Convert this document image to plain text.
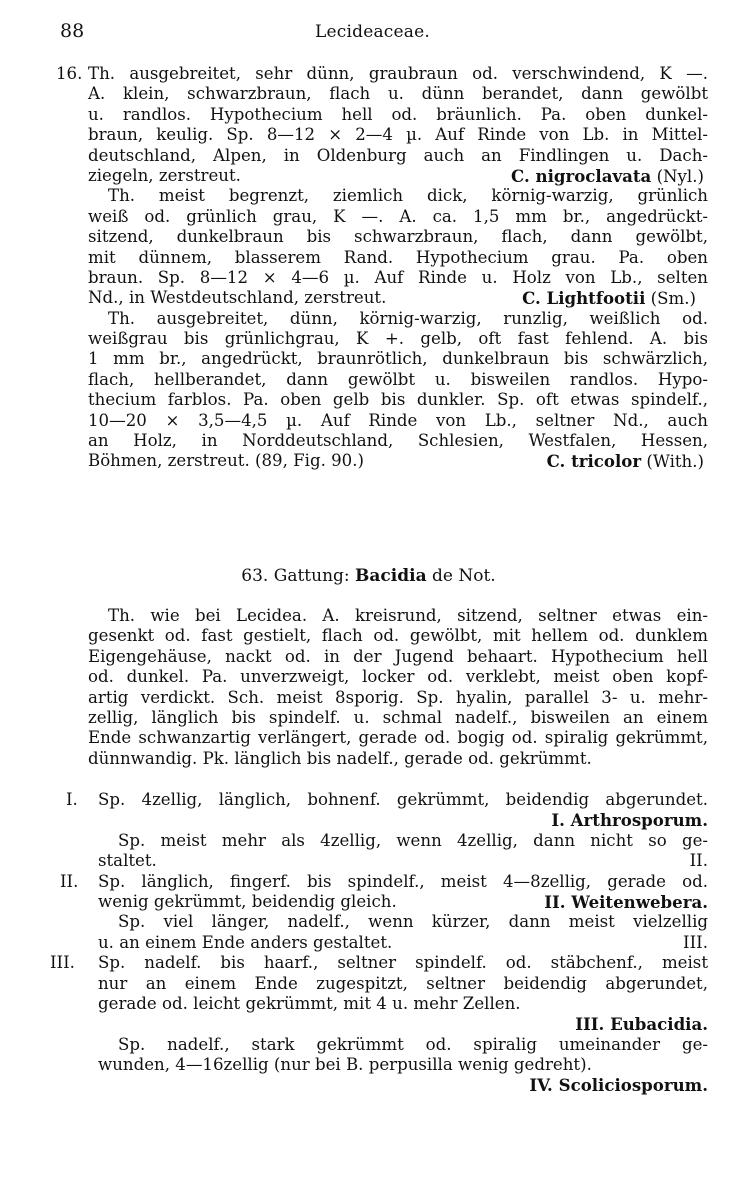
88	Lecideaceae.
16. Th. ausgebreitet, sehr dünn, graubraun od. verschwindend, K —.
A. klein, schwarzbraun, flach u. dünn berandet, dann gewölbt
u. randlos. Hypothecium hell od. bräunlich. Pa. oben dunkel-
braun, keulig. Sp. 8—12 × 2—4 µ. Auf Rinde von Lb. in Mittel-
deutschland, Alpen, in Oldenburg auch an Findlingen u. Dach-
ziegeln, zerstreut.	C. nigroclavata (Nyl.)
Th. meist begrenzt, ziemlich dick, körnig-warzig, grünlich
weiß od. grünlich grau, K —. A. ca. 1,5 mm br., angedrückt-
sitzend, dunkelbraun bis schwarzbraun, flach, dann gewölbt,
mit dünnem, blasserem Rand. Hypothecium grau. Pa. oben
braun. Sp. 8—12 × 4—6 µ. Auf Rinde u. Holz von Lb., selten
Nd., in Westdeutschland, zerstreut.	C. Lightfootii (Sm.)
Th. ausgebreitet, dünn, körnig-warzig, runzlig, weißlich od.
weißgrau bis grünlichgrau, K +. gelb, oft fast fehlend. A. bis
1 mm br., angedrückt, braunrötlich, dunkelbraun bis schwärzlich,
flach, hellberandet, dann gewölbt u. bisweilen randlos. Hypo-
thecium farblos. Pa. oben gelb bis dunkler. Sp. oft etwas spindelf.,
10—20 × 3,5—4,5 µ. Auf Rinde von Lb., seltner Nd., auch
an Holz, in Norddeutschland, Schlesien, Westfalen, Hessen,
Böhmen, zerstreut. (89, Fig. 90.)	C. tricolor (With.)
63. Gattung: Bacidia de Not.
Th. wie bei Lecidea. A. kreisrund, sitzend, seltner etwas ein-
gesenkt od. fast gestielt, flach od. gewölbt, mit hellem od. dunklem
Eigengehäuse, nackt od. in der Jugend behaart. Hypothecium hell
od. dunkel. Pa. unverzweigt, locker od. verklebt, meist oben kopf-
artig verdickt. Sch. meist 8sporig. Sp. hyalin, parallel 3- u. mehr-
zellig, länglich bis spindelf. u. schmal nadelf., bisweilen an einem
Ende schwanzartig verlängert, gerade od. bogig od. spiralig gekrümmt,
dünnwandig. Pk. länglich bis nadelf., gerade od. gekrümmt.
I. Sp. 4zellig, länglich, bohnenf. gekrümmt, beidendig abgerundet.
I. Arthrosporum.
Sp. meist mehr als 4zellig, wenn 4zellig, dann nicht so ge-
staltet.	II.
II. Sp. länglich, fingerf. bis spindelf., meist 4—8zellig, gerade od.
wenig gekrümmt, beidendig gleich.	II. Weitenwebera.
Sp. viel länger, nadelf., wenn kürzer, dann meist vielzellig
u. an einem Ende anders gestaltet.	III.
III. Sp. nadelf. bis haarf., seltner spindelf. od. stäbchenf., meist
nur an einem Ende zugespitzt, seltner beidendig abgerundet,
gerade od. leicht gekrümmt, mit 4 u. mehr Zellen.
III. Eubacidia.
Sp. nadelf., stark gekrümmt od. spiralig umeinander ge-
wunden, 4—16zellig (nur bei B. perpusilla wenig gedreht).
IV. Scoliciosporum.
